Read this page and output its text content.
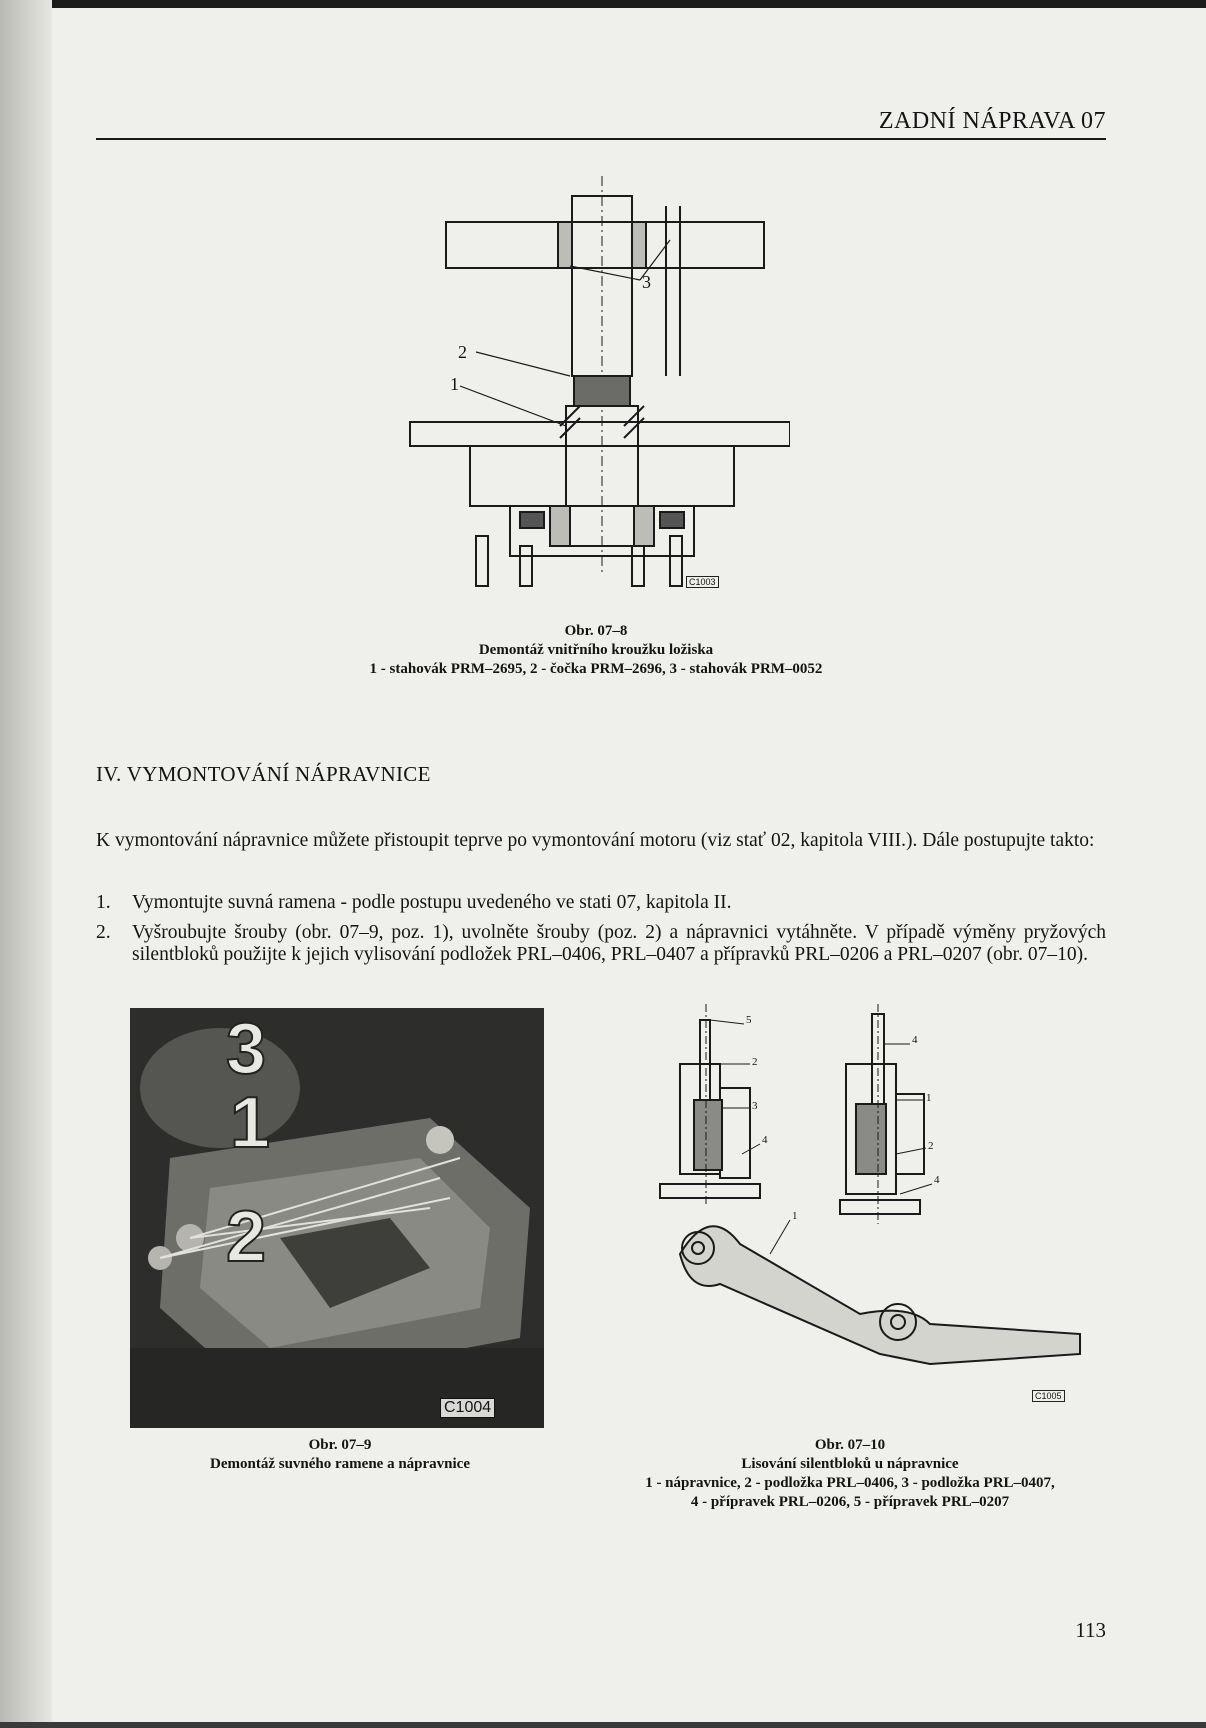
ZADNÍ NÁPRAVA 07
1
2
3
C1003
Obr. 07–8
Demontáž vnitřního kroužku ložiska
1 - stahovák PRM–2695, 2 - čočka PRM–2696, 3 - stahovák PRM–0052
IV. VYMONTOVÁNÍ NÁPRAVNICE

K vymontování nápravnice můžete přistoupit teprve po vymontování motoru (viz stať 02, kapitola VIII.). Dále postupujte takto:

1. Vymontujte suvná ramena - podle postupu uvedeného ve stati 07, kapitola II.
2. Vyšroubujte šrouby (obr. 07–9, poz. 1), uvolněte šrouby (poz. 2) a nápravnici vytáhněte. V případě výměny pryžových silentbloků použijte k jejich vylisování podložek PRL–0406, PRL–0407 a přípravků PRL–0206 a PRL–0207 (obr. 07–10).
3
1
2
C1004
Obr. 07–9
Demontáž suvného ramene a nápravnice
5
2
3
4
4
1
2
4
1
C1005
Obr. 07–10
Lisování silentbloků u nápravnice
1 - nápravnice, 2 - podložka PRL–0406, 3 - podložka PRL–0407,
4 - přípravek PRL–0206, 5 - přípravek PRL–0207
113
